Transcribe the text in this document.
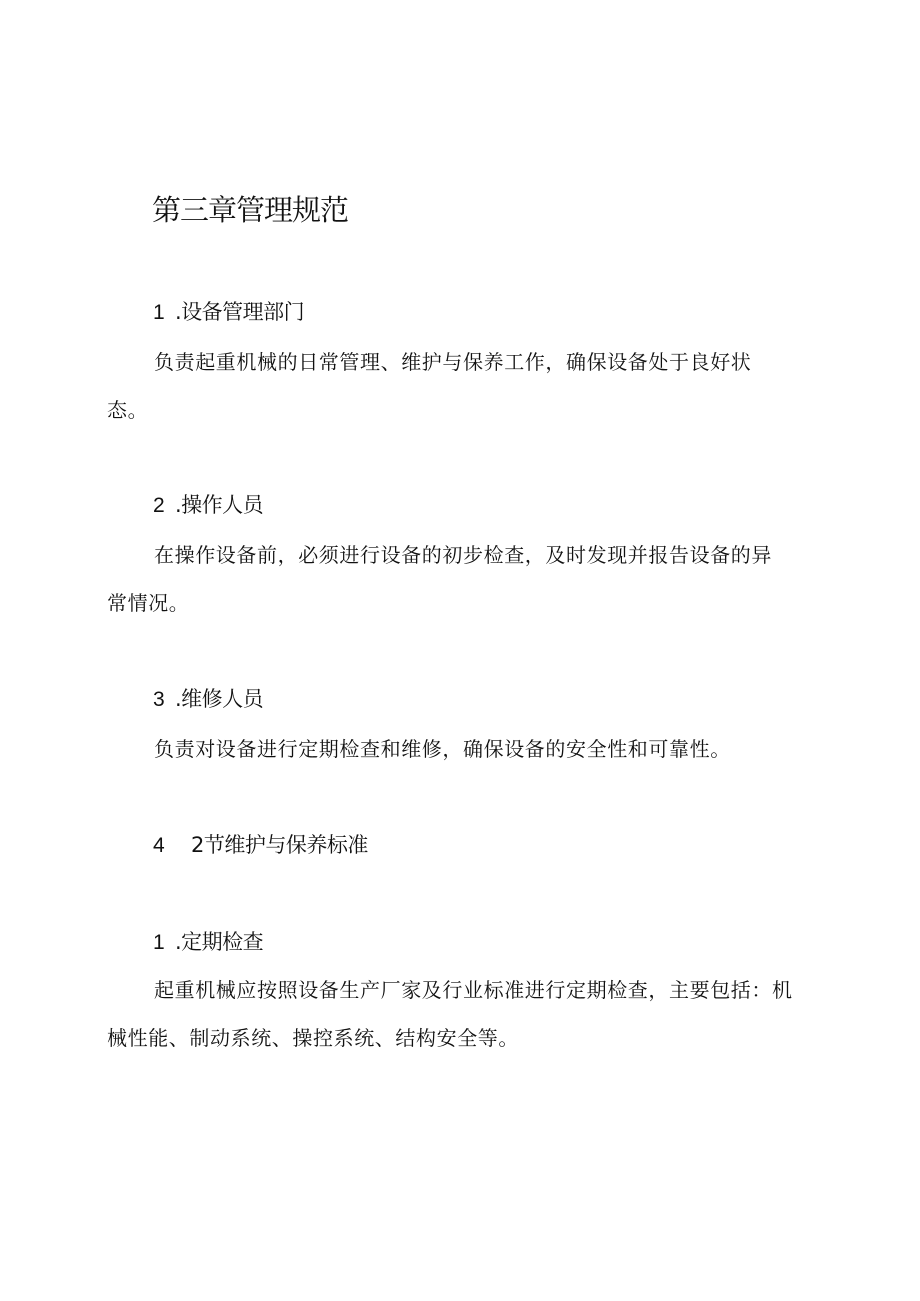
第三章管理规范
1 .设备管理部门

负责起重机械的日常管理、维护与保养工作，确保设备处于良好状

态。

2 .操作人员

在操作设备前，必须进行设备的初步检查，及时发现并报告设备的异

常情况。

3 .维修人员

负责对设备进行定期检查和维修，确保设备的安全性和可靠性。

4 2节维护与保养标准
1 .定期检查

起重机械应按照设备生产厂家及行业标准进行定期检查，主要包括：机

械性能、制动系统、操控系统、结构安全等。
